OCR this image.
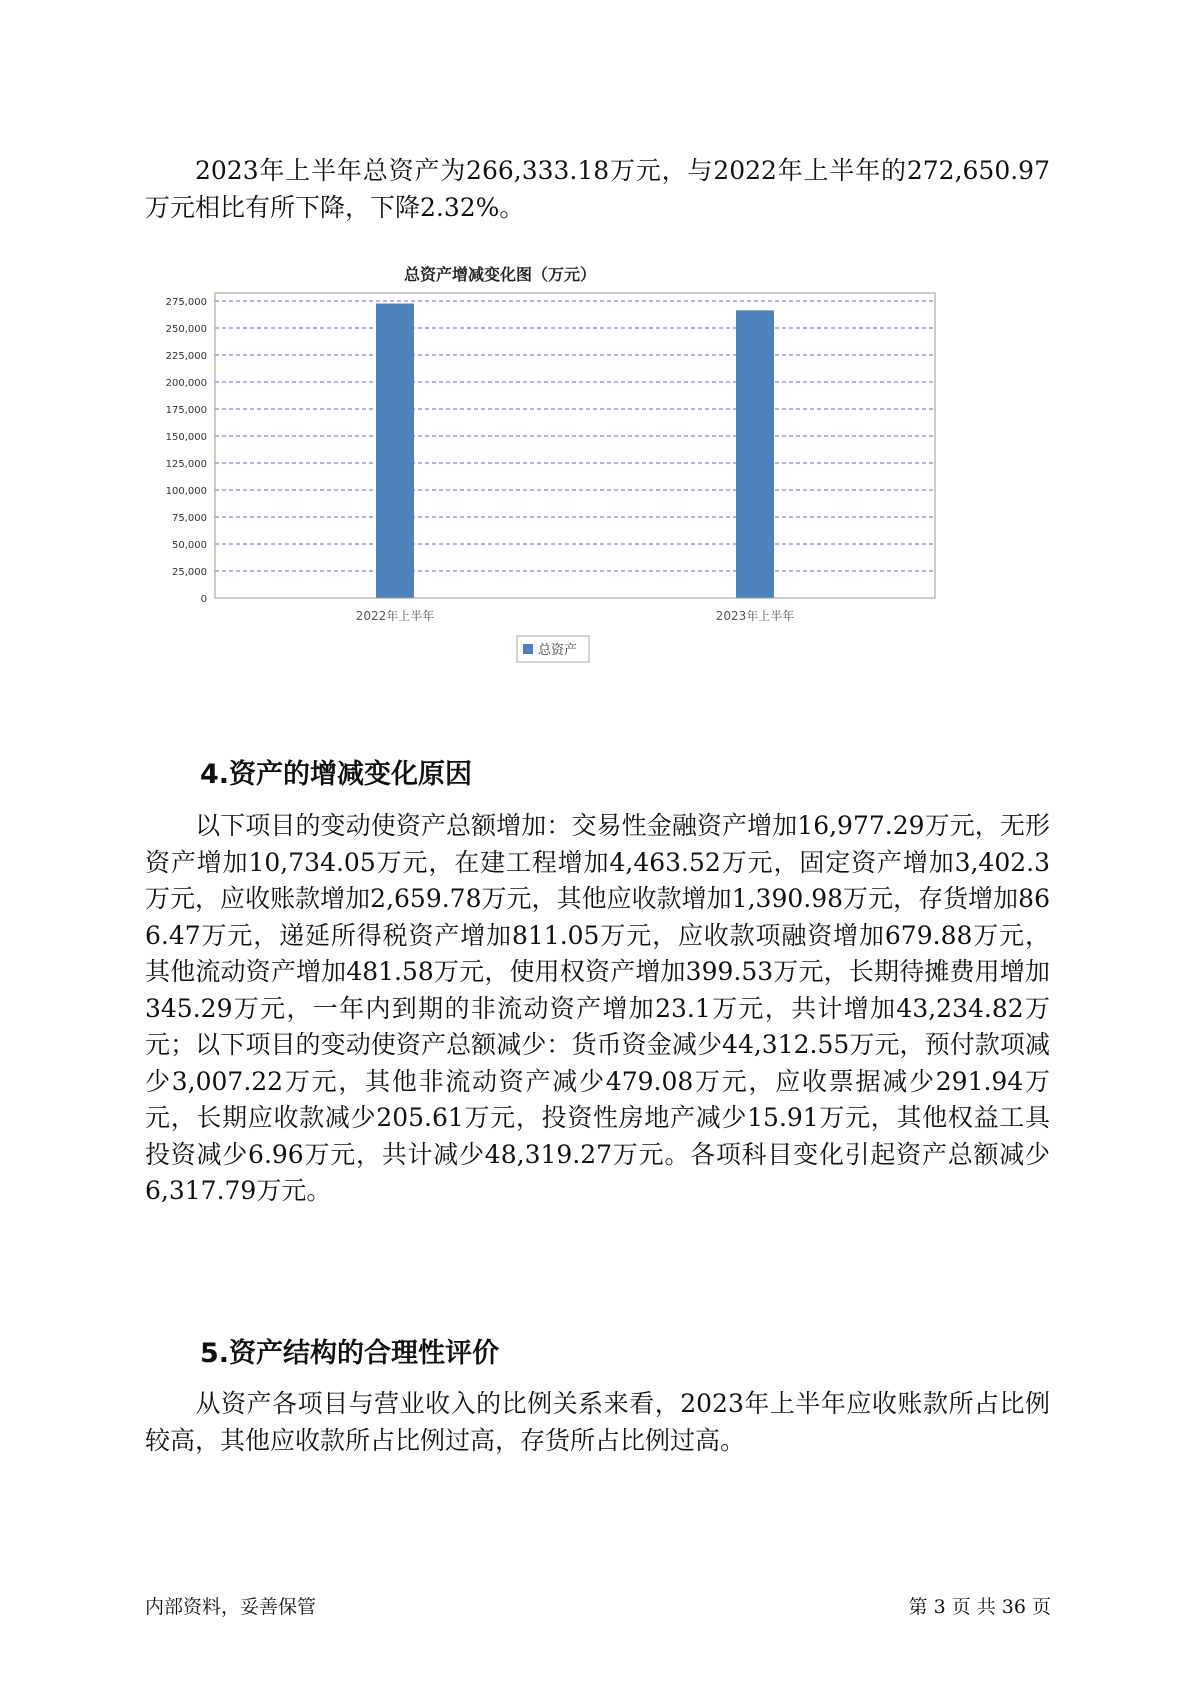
2023年上半年总资产为266,333.18万元，与2022年上半年的272,650.97万元相比有所下降，下降2.32%。

总资产增减变化图（万元）
0
25,000
50,000
75,000
100,000
125,000
150,000
175,000
200,000
225,000
250,000
275,000
2022年上半年	2023年上半年
总资产
4.资产的增减变化原因

以下项目的变动使资产总额增加：交易性金融资产增加16,977.29万元，无形资产增加10,734.05万元，在建工程增加4,463.52万元，固定资产增加3,402.3万元，应收账款增加2,659.78万元，其他应收款增加1,390.98万元，存货增加866.47万元，递延所得税资产增加811.05万元，应收款项融资增加679.88万元，其他流动资产增加481.58万元，使用权资产增加399.53万元，长期待摊费用增加345.29万元，一年内到期的非流动资产增加23.1万元，共计增加43,234.82万元；以下项目的变动使资产总额减少：货币资金减少44,312.55万元，预付款项减少3,007.22万元，其他非流动资产减少479.08万元，应收票据减少291.94万元，长期应收款减少205.61万元，投资性房地产减少15.91万元，其他权益工具投资减少6.96万元，共计减少48,319.27万元。各项科目变化引起资产总额减少6,317.79万元。

5.资产结构的合理性评价

从资产各项目与营业收入的比例关系来看，2023年上半年应收账款所占比例较高，其他应收款所占比例过高，存货所占比例过高。

内部资料，妥善保管	第 3 页 共 36 页
